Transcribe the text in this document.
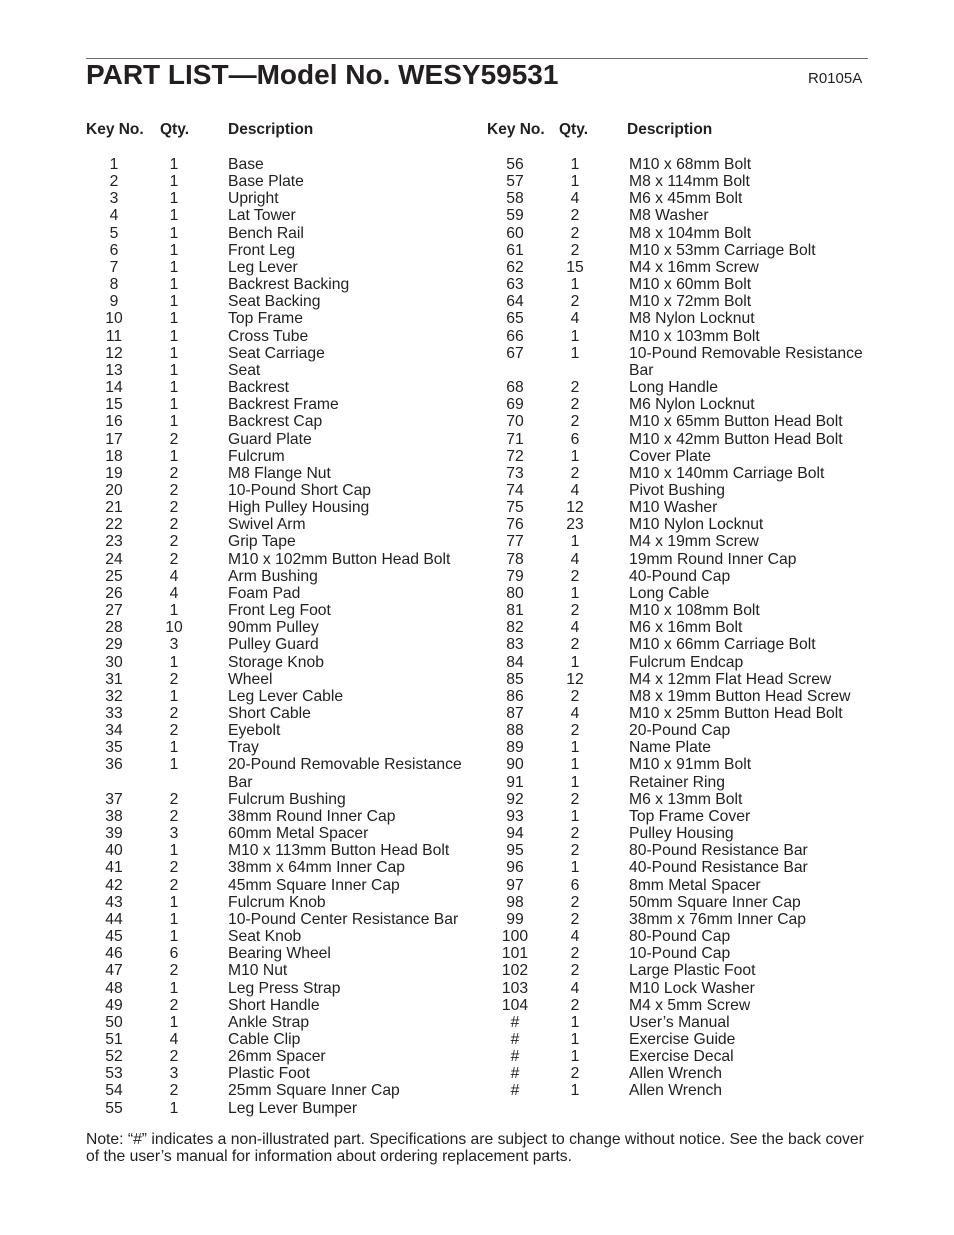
PART LIST—Model No. WESY59531	R0105A
Key No. Qty.	Description	Key No. Qty.	Description
1	1	Base
2	1	Base Plate
3	1	Upright
4	1	Lat Tower
5	1	Bench Rail
6	1	Front Leg
7	1	Leg Lever
8	1	Backrest Backing
9	1	Seat Backing
10	1	Top Frame
11	1	Cross Tube
12	1	Seat Carriage
13	1	Seat
14	1	Backrest
15	1	Backrest Frame
16	1	Backrest Cap
17	2	Guard Plate
18	1	Fulcrum
19	2	M8 Flange Nut
20	2	10-Pound Short Cap
21	2	High Pulley Housing
22	2	Swivel Arm
23	2	Grip Tape
24	2	M10 x 102mm Button Head Bolt
25	4	Arm Bushing
26	4	Foam Pad
27	1	Front Leg Foot
28	10	90mm Pulley
29	3	Pulley Guard
30	1	Storage Knob
31	2	Wheel
32	1	Leg Lever Cable
33	2	Short Cable
34	2	Eyebolt
35	1	Tray
36	1	20-Pound Removable Resistance Bar
37	2	Fulcrum Bushing
38	2	38mm Round Inner Cap
39	3	60mm Metal Spacer
40	1	M10 x 113mm Button Head Bolt
41	2	38mm x 64mm Inner Cap
42	2	45mm Square Inner Cap
43	1	Fulcrum Knob
44	1	10-Pound Center Resistance Bar
45	1	Seat Knob
46	6	Bearing Wheel
47	2	M10 Nut
48	1	Leg Press Strap
49	2	Short Handle
50	1	Ankle Strap
51	4	Cable Clip
52	2	26mm Spacer
53	3	Plastic Foot
54	2	25mm Square Inner Cap
55	1	Leg Lever Bumper
56	1	M10 x 68mm Bolt
57	1	M8 x 114mm Bolt
58	4	M6 x 45mm Bolt
59	2	M8 Washer
60	2	M8 x 104mm Bolt
61	2	M10 x 53mm Carriage Bolt
62	15	M4 x 16mm Screw
63	1	M10 x 60mm Bolt
64	2	M10 x 72mm Bolt
65	4	M8 Nylon Locknut
66	1	M10 x 103mm Bolt
67	1	10-Pound Removable Resistance Bar
68	2	Long Handle
69	2	M6 Nylon Locknut
70	2	M10 x 65mm Button Head Bolt
71	6	M10 x 42mm Button Head Bolt
72	1	Cover Plate
73	2	M10 x 140mm Carriage Bolt
74	4	Pivot Bushing
75	12	M10 Washer
76	23	M10 Nylon Locknut
77	1	M4 x 19mm Screw
78	4	19mm Round Inner Cap
79	2	40-Pound Cap
80	1	Long Cable
81	2	M10 x 108mm Bolt
82	4	M6 x 16mm Bolt
83	2	M10 x 66mm Carriage Bolt
84	1	Fulcrum Endcap
85	12	M4 x 12mm Flat Head Screw
86	2	M8 x 19mm Button Head Screw
87	4	M10 x 25mm Button Head Bolt
88	2	20-Pound Cap
89	1	Name Plate
90	1	M10 x 91mm Bolt
91	1	Retainer Ring
92	2	M6 x 13mm Bolt
93	1	Top Frame Cover
94	2	Pulley Housing
95	2	80-Pound Resistance Bar
96	1	40-Pound Resistance Bar
97	6	8mm Metal Spacer
98	2	50mm Square Inner Cap
99	2	38mm x 76mm Inner Cap
100	4	80-Pound Cap
101	2	10-Pound Cap
102	2	Large Plastic Foot
103	4	M10 Lock Washer
104	2	M4 x 5mm Screw
#	1	User’s Manual
#	1	Exercise Guide
#	1	Exercise Decal
#	2	Allen Wrench
#	1	Allen Wrench
Note: “#” indicates a non-illustrated part. Specifications are subject to change without notice. See the back cover of the user’s manual for information about ordering replacement parts.
